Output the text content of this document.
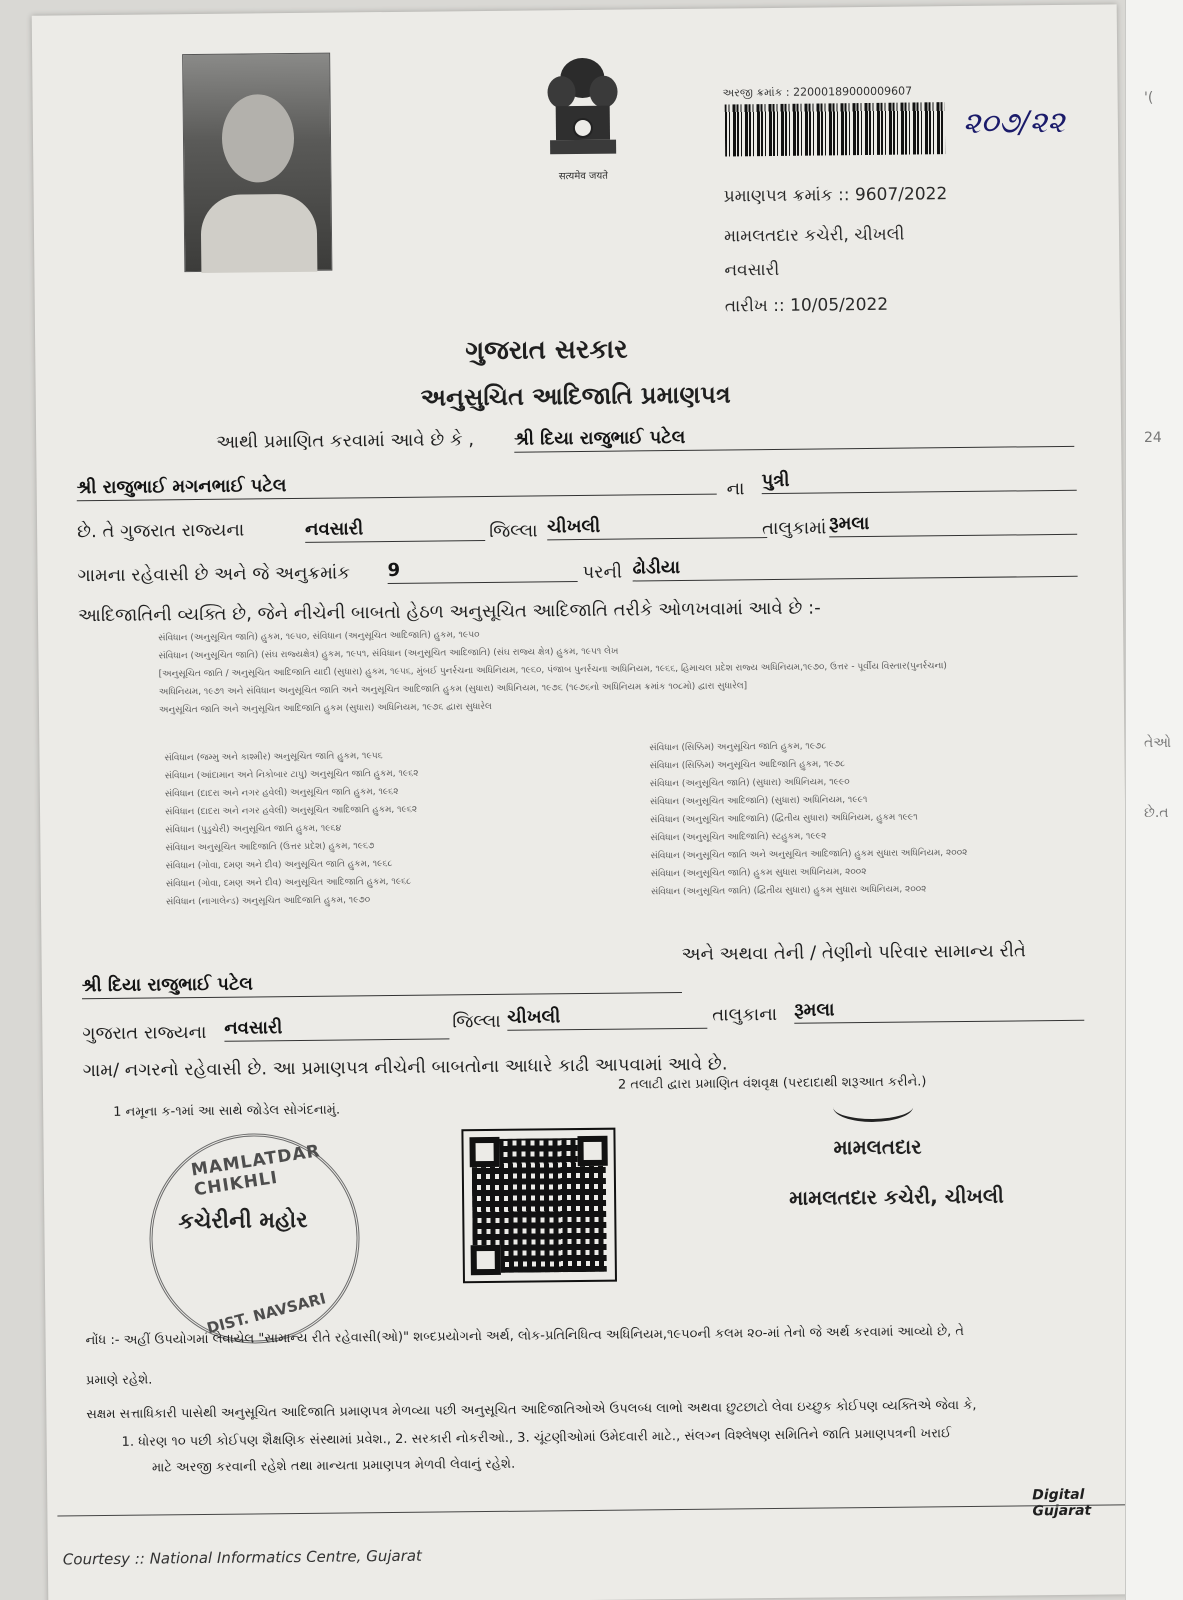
सत्यमेव जयते
અરજી ક્રમાંક : 22000189000009607
૨૦૭/૨૨
પ્રમાણપત્ર ક્રમાંક :: 9607/2022
મામલતદાર કચેરી, ચીખલી
નવસારી
તારીખ :: 10/05/2022
ગુજરાત સરકાર
અનુસુચિત આદિજાતિ પ્રમાણપત્ર
આથી પ્રમાણિત કરવામાં આવે છે કે , શ્રી દિયા રાજુભાઈ પટેલ
શ્રી રાજુભાઈ મગનભાઈ પટેલ	ના પુત્રી
છે. તે ગુજરાત રાજ્યના	નવસારી	જિલ્લા ચીખલી	તાલુકામાં રૂમલા
ગામના રહેવાસી છે અને જે અનુક્રમાંક 9	પરની ઢોડીયા
આદિજાતિની વ્યક્તિ છે, જેને નીચેની બાબતો હેઠળ અનુસૂચિત આદિજાતિ તરીકે ઓળખવામાં આવે છે :-
સંવિધાન (અનુસૂચિત જાતિ) હુકમ, ૧૯૫૦, સંવિધાન (અનુસૂચિત આદિજાતિ) હુકમ, ૧૯૫૦
સંવિધાન (અનુસૂચિત જાતિ) (સંઘ રાજ્યક્ષેત્ર) હુકમ, ૧૯૫૧, સંવિધાન (અનુસૂચિત આદિજાતિ) (સંઘ રાજ્ય ક્ષેત્ર) હુકમ, ૧૯૫૧ લેખ
[અનુસૂચિત જાતિ / અનુસૂચિત આદિજાતિ યાદી (સુધારા) હુકમ, ૧૯૫૬, મુંબઈ પુનર્રચના અધિનિયમ, ૧૯૬૦, પંજાબ પુનર્રચના અધિનિયમ, ૧૯૬૬, હિમાચલ પ્રદેશ રાજ્ય અધિનિયમ,૧૯૭૦, ઉત્તર - પૂર્વીય વિસ્તાર(પુનર્રચના)
અધિનિયમ, ૧૯૭૧ અને સંવિધાન અનુસૂચિત જાતિ અને અનુસૂચિત આદિજાતિ હુકમ (સુધારા) અધિનિયમ, ૧૯૭૬ (૧૯૭૬નો અધિનિયમ ક્રમાંક ૧૦૮મો) દ્વારા સુધારેલ]
અનુસૂચિત જાતિ અને અનુસૂચિત આદિજાતિ હુકમ (સુધારા) અધિનિયમ, ૧૯૭૬ દ્વારા સુધારેલ
સંવિધાન (જમ્મુ અને કાશ્મીર) અનુસૂચિત જાતિ હુકમ, ૧૯૫૬
સંવિધાન (આંદામાન અને નિકોબાર ટાપુ) અનુસૂચિત જાતિ હુકમ, ૧૯૬૨
સંવિધાન (દાદરા અને નગર હવેલી) અનુસૂચિત જાતિ હુકમ, ૧૯૬૨
સંવિધાન (દાદરા અને નગર હવેલી) અનુસૂચિત આદિજાતિ હુકમ, ૧૯૬૨
સંવિધાન (પુડુચેરી) અનુસૂચિત જાતિ હુકમ, ૧૯૬૪
સંવિધાન અનુસૂચિત આદિજાતિ (ઉત્તર પ્રદેશ) હુકમ, ૧૯૬૭
સંવિધાન (ગોવા, દમણ અને દીવ) અનુસૂચિત જાતિ હુકમ, ૧૯૬૮
સંવિધાન (ગોવા, દમણ અને દીવ) અનુસૂચિત આદિજાતિ હુકમ, ૧૯૬૮
સંવિધાન (નાગાલેન્ડ) અનુસૂચિત આદિજાતિ હુકમ, ૧૯૭૦
સંવિધાન (સિક્કિમ) અનુસૂચિત જાતિ હુકમ, ૧૯૭૮
સંવિધાન (સિક્કિમ) અનુસૂચિત આદિજાતિ હુકમ, ૧૯૭૮
સંવિધાન (અનુસૂચિત જાતિ) (સુધારા) અધિનિયમ, ૧૯૯૦
સંવિધાન (અનુસૂચિત આદિજાતિ) (સુધારા) અધિનિયમ, ૧૯૯૧
સંવિધાન (અનુસૂચિત આદિજાતિ) (દ્વિતીય સુધારા) અધિનિયમ, હુકમ ૧૯૯૧
સંવિધાન (અનુસૂચિત આદિજાતિ) સ્ટહુકમ, ૧૯૯૨
સંવિધાન (અનુસૂચિત જાતિ અને અનુસૂચિત આદિજાતિ) હુકમ સુધારા અધિનિયમ, ૨૦૦૨
સંવિધાન (અનુસૂચિત જાતિ) હુકમ સુધારા અધિનિયમ, ૨૦૦૨
સંવિધાન (અનુસૂચિત જાતિ) (દ્વિતીય સુધારા) હુકમ સુધારા અધિનિયમ, ૨૦૦૨
અને અથવા તેની / તેણીનો પરિવાર સામાન્ય રીતે
શ્રી દિયા રાજુભાઈ પટેલ
ગુજરાત રાજ્યના નવસારી	જિલ્લા ચીખલી	તાલુકાના રૂમલા
ગામ/ નગરનો રહેવાસી છે. આ પ્રમાણપત્ર નીચેની બાબતોના આધારે કાઢી આપવામાં આવે છે.
1 નમૂના ક-૧માં આ સાથે જોડેલ સોગંદનામું.
2 તલાટી દ્વારા પ્રમાણિત વંશવૃક્ષ (પરદાદાથી શરૂઆત કરીને.)
MAMLATDAR CHIKHLI
કચેરીની મહોર
DIST. NAVSARI
મામલતદાર
મામલતદાર કચેરી, ચીખલી
નોંધ :- અહીં ઉપયોગમાં લેવાયેલ "સામાન્ય રીતે રહેવાસી(ઓ)" શબ્દપ્રયોગનો અર્થ, લોક-પ્રતિનિધિત્વ અધિનિયમ,૧૯૫૦ની કલમ ૨૦-માં તેનો જે અર્થ કરવામાં આવ્યો છે, તે
પ્રમાણે રહેશે.
સક્ષમ સત્તાધિકારી પાસેથી અનુસૂચિત આદિજાતિ પ્રમાણપત્ર મેળવ્યા પછી અનુસૂચિત આદિજાતિઓએ ઉપલબ્ધ લાભો અથવા છુટછાટો લેવા ઇચ્છુક કોઈપણ વ્યક્તિએ જેવા કે,
1. ધોરણ ૧૦ પછી કોઈપણ શૈક્ષણિક સંસ્થામાં પ્રવેશ., 2. સરકારી નોકરીઓ., 3. ચૂંટણીઓમાં ઉમેદવારી માટે., સંલગ્ન વિશ્લેષણ સમિતિને જાતિ પ્રમાણપત્રની ખરાઈ
માટે અરજી કરવાની રહેશે તથા માન્યતા પ્રમાણપત્ર મેળવી લેવાનું રહેશે.
Digital Gujarat
Courtesy :: National Informatics Centre, Gujarat
'(
24
તેઓ
છે.ત
